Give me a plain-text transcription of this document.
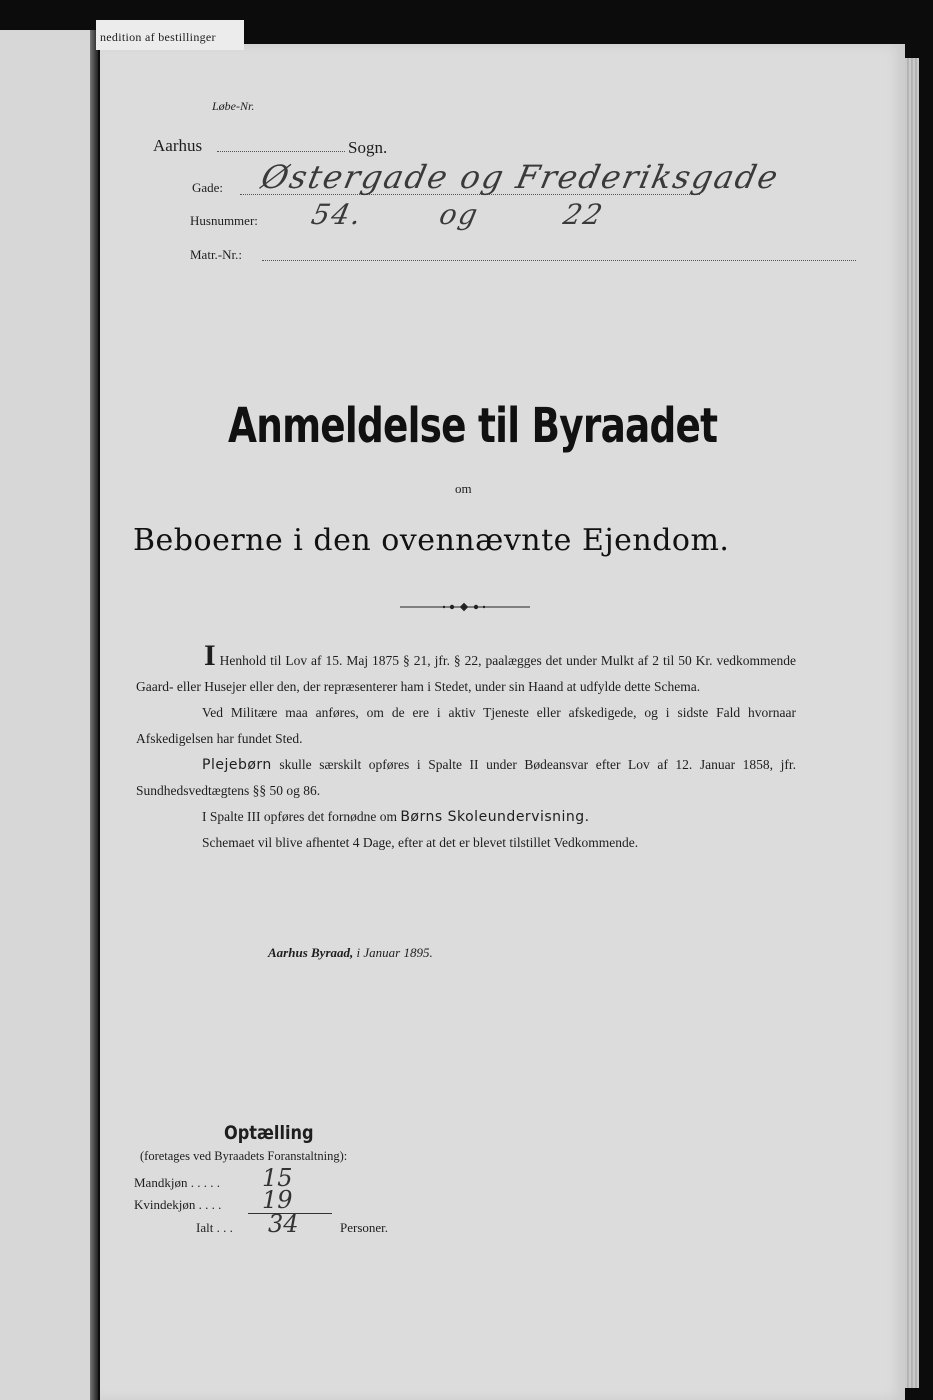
nedition af bestillinger
Løbe-Nr.
Aarhus	Sogn.
Gade: Østergade og Frederiksgade
Husnummer: 54.	og	22
Matr.-Nr.:
Anmeldelse til Byraadet
om
Beboerne i den ovennævnte Ejendom.

I Henhold til Lov af 15. Maj 1875 § 21, jfr. § 22, paalægges det under Mulkt af 2 til 50 Kr. vedkommende Gaard- eller Husejer eller den, der repræsenterer ham i Stedet, under sin Haand at udfylde dette Schema.

Ved Militære maa anføres, om de ere i aktiv Tjeneste eller afskedigede, og i sidste Fald hvornaar Afskedigelsen har fundet Sted.

Plejebørn skulle særskilt opføres i Spalte II under Bødeansvar efter Lov af 12. Januar 1858, jfr. Sundhedsvedtægtens §§ 50 og 86.

I Spalte III opføres det fornødne om Børns Skoleundervisning.

Schemaet vil blive afhentet 4 Dage, efter at det er blevet tilstillet Vedkommende.

Aarhus Byraad, i Januar 1895.
Optælling
(foretages ved Byraadets Foranstaltning):
Mandkjøn . . . . . 15
Kvindekjøn . . . . 19
Ialt . . . 34	Personer.
